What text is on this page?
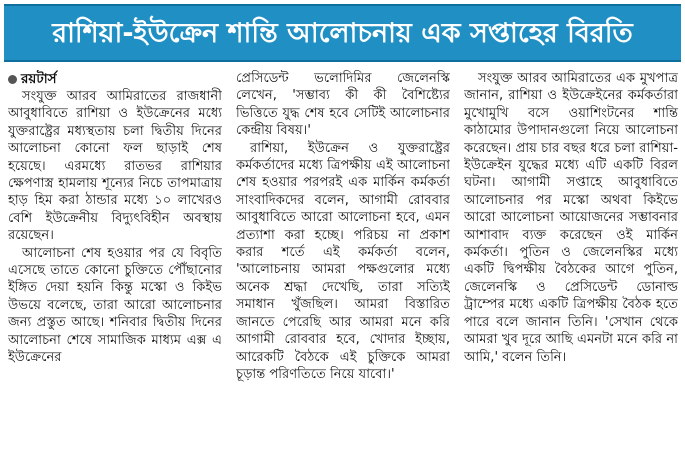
রাশিয়া-ইউক্রেন শান্তি আলোচনায় এক সপ্তাহের বিরতি
রয়টার্স

সংযুক্ত আরব আমিরাতের রাজধানী আবুধাবিতে রাশিয়া ও ইউক্রেনের মধ্যে যুক্তরাষ্ট্রের মধ্যস্থতায় চলা দ্বিতীয় দিনের আলোচনা কোনো ফল ছাড়াই শেষ হয়েছে। এরমধ্যে রাতভর রাশিয়ার ক্ষেপণাস্ত্র হামলায় শূন্যের নিচে তাপমাত্রায় হাড় হিম করা ঠান্ডার মধ্যে ১০ লাখেরও বেশি ইউক্রেনীয় বিদ্যুৎবিহীন অবস্থায় রয়েছেন।

আলোচনা শেষ হওয়ার পর যে বিবৃতি এসেছে তাতে কোনো চুক্তিতে পৌঁছানোর ইঙ্গিত দেয়া হয়নি কিন্তু মস্কো ও কিইভ উভয়ে বলেছে, তারা আরো আলোচনার জন্য প্রস্তুত আছে। শনিবার দ্বিতীয় দিনের আলোচনা শেষে সামাজিক মাধ্যম এক্স এ ইউক্রেনের

প্রেসিডেন্ট ভলোদিমির জেলেনস্কি লেখেন, 'সম্ভাব্য কী কী বৈশিষ্ট্যের ভিত্তিতে যুদ্ধ শেষ হবে সেটিই আলোচনার কেন্দ্রীয় বিষয়।'

রাশিয়া, ইউক্রেন ও যুক্তরাষ্ট্রের কর্মকর্তাদের মধ্যে ত্রিপক্ষীয় এই আলোচনা শেষ হওয়ার পরপরই এক মার্কিন কর্মকর্তা সাংবাদিকদের বলেন, আগামী রোববার আবুধাবিতে আরো আলোচনা হবে, এমন প্রত্যাশা করা হচ্ছে। পরিচয় না প্রকাশ করার শর্তে এই কর্মকর্তা বলেন, 'আলোচনায় আমরা পক্ষগুলোর মধ্যে অনেক শ্রদ্ধা দেখেছি, তারা সত্যিই সমাধান খুঁজছিল। আমরা বিস্তারিত জানতে পেরেছি আর আমরা মনে করি আগামী রোববার হবে, খোদার ইচ্ছায়, আরেকটি বৈঠকে এই চুক্তিকে আমরা চূড়ান্ত পরিণতিতে নিয়ে যাবো।'

সংযুক্ত আরব আমিরাতের এক মুখপাত্র জানান, রাশিয়া ও ইউক্রেইনের কর্মকর্তারা মুখোমুখি বসে ওয়াশিংটনের শান্তি কাঠামোর উপাদানগুলো নিয়ে আলোচনা করেছেন। প্রায় চার বছর ধরে চলা রাশিয়া-ইউক্রেইন যুদ্ধের মধ্যে এটি একটি বিরল ঘটনা। আগামী সপ্তাহে আবুধাবিতে আলোচনার পর মস্কো অথবা কিইভে আরো আলোচনা আয়োজনের সম্ভাবনার আশাবাদ ব্যক্ত করেছেন ওই মার্কিন কর্মকর্তা। পুতিন ও জেলেনস্কির মধ্যে একটি দ্বিপক্ষীয় বৈঠকের আগে পুতিন, জেলেনস্কি ও প্রেসিডেন্ট ডোনাল্ড ট্রাম্পের মধ্যে একটি ত্রিপক্ষীয় বৈঠক হতে পারে বলে জানান তিনি। 'সেখান থেকে আমরা খুব দূরে আছি এমনটা মনে করি না আমি,' বলেন তিনি।
